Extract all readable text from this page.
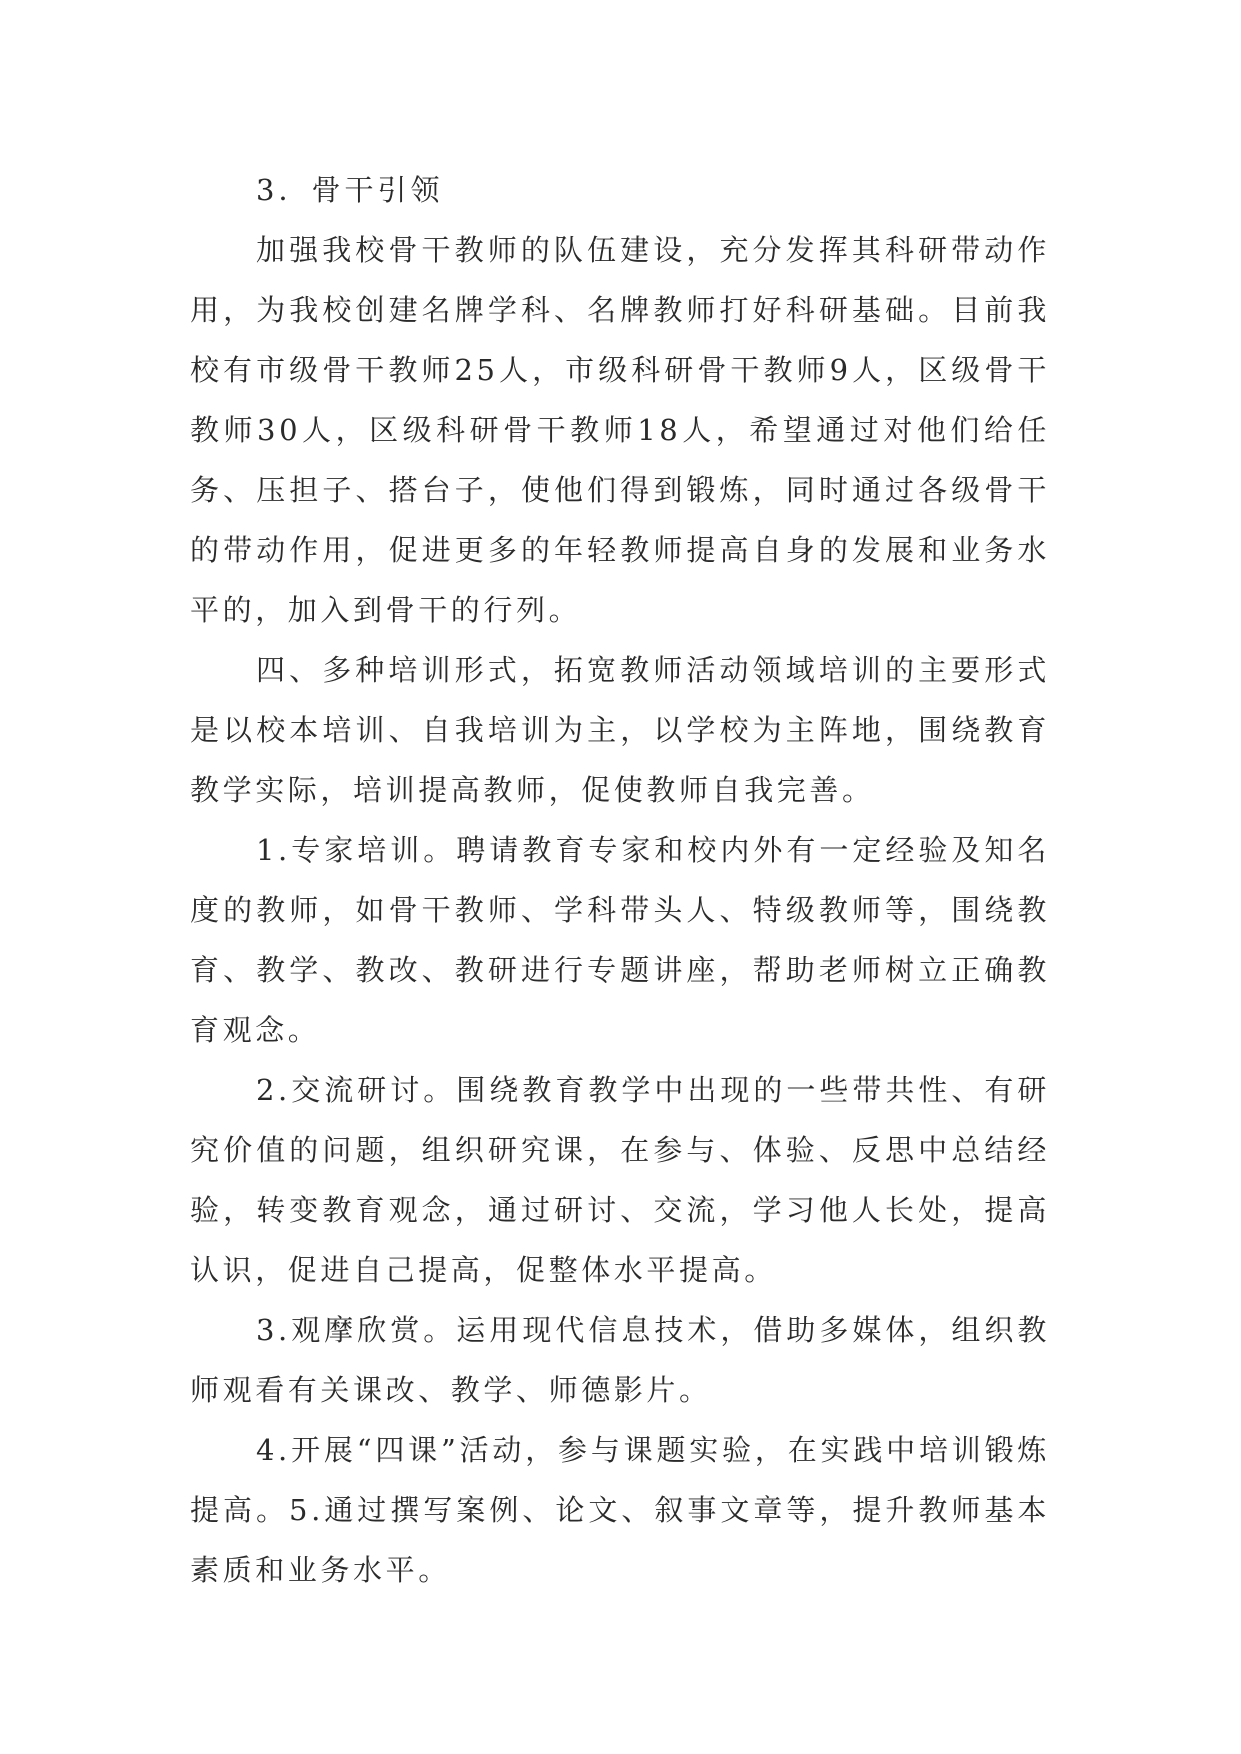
3．骨干引领

加强我校骨干教师的队伍建设，充分发挥其科研带动作用，为我校创建名牌学科、名牌教师打好科研基础。目前我校有市级骨干教师25人，市级科研骨干教师9人，区级骨干教师30人，区级科研骨干教师18人，希望通过对他们给任务、压担子、搭台子，使他们得到锻炼，同时通过各级骨干的带动作用，促进更多的年轻教师提高自身的发展和业务水平的，加入到骨干的行列。

四、多种培训形式，拓宽教师活动领域培训的主要形式是以校本培训、自我培训为主，以学校为主阵地，围绕教育教学实际，培训提高教师，促使教师自我完善。

1.专家培训。聘请教育专家和校内外有一定经验及知名度的教师，如骨干教师、学科带头人、特级教师等，围绕教育、教学、教改、教研进行专题讲座，帮助老师树立正确教育观念。

2.交流研讨。围绕教育教学中出现的一些带共性、有研究价值的问题，组织研究课，在参与、体验、反思中总结经验，转变教育观念，通过研讨、交流，学习他人长处，提高认识，促进自己提高，促整体水平提高。

3.观摩欣赏。运用现代信息技术，借助多媒体，组织教师观看有关课改、教学、师德影片。

4.开展“四课”活动，参与课题实验，在实践中培训锻炼提高。5.通过撰写案例、论文、叙事文章等，提升教师基本素质和业务水平。
